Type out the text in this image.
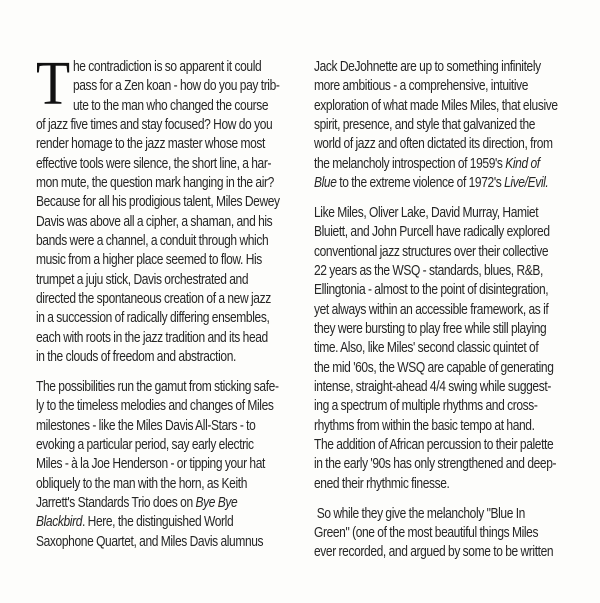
T he contradiction is so apparent it could
pass for a Zen koan - how do you pay trib-
ute to the man who changed the course
of jazz five times and stay focused? How do you
render homage to the jazz master whose most
effective tools were silence, the short line, a har-
mon mute, the question mark hanging in the air?
Because for all his prodigious talent, Miles Dewey
Davis was above all a cipher, a shaman, and his
bands were a channel, a conduit through which
music from a higher place seemed to flow. His
trumpet a juju stick, Davis orchestrated and
directed the spontaneous creation of a new jazz
in a succession of radically differing ensembles,
each with roots in the jazz tradition and its head
in the clouds of freedom and abstraction.
The possibilities run the gamut from sticking safe-
ly to the timeless melodies and changes of Miles
milestones - like the Miles Davis All-Stars - to
evoking a particular period, say early electric
Miles - à la Joe Henderson - or tipping your hat
obliquely to the man with the horn, as Keith
Jarrett's Standards Trio does on Bye Bye
Blackbird. Here, the distinguished World
Saxophone Quartet, and Miles Davis alumnus
Jack DeJohnette are up to something infinitely
more ambitious - a comprehensive, intuitive
exploration of what made Miles Miles, that elusive
spirit, presence, and style that galvanized the
world of jazz and often dictated its direction, from
the melancholy introspection of 1959's Kind of
Blue to the extreme violence of 1972's Live/Evil.
Like Miles, Oliver Lake, David Murray, Hamiet
Bluiett, and John Purcell have radically explored
conventional jazz structures over their collective
22 years as the WSQ - standards, blues, R&B,
Ellingtonia - almost to the point of disintegration,
yet always within an accessible framework, as if
they were bursting to play free while still playing
time. Also, like Miles' second classic quintet of
the mid '60s, the WSQ are capable of generating
intense, straight-ahead 4/4 swing while suggest-
ing a spectrum of multiple rhythms and cross-
rhythms from within the basic tempo at hand.
The addition of African percussion to their palette
in the early '90s has only strengthened and deep-
ened their rhythmic finesse.
So while they give the melancholy "Blue In
Green" (one of the most beautiful things Miles
ever recorded, and argued by some to be written
